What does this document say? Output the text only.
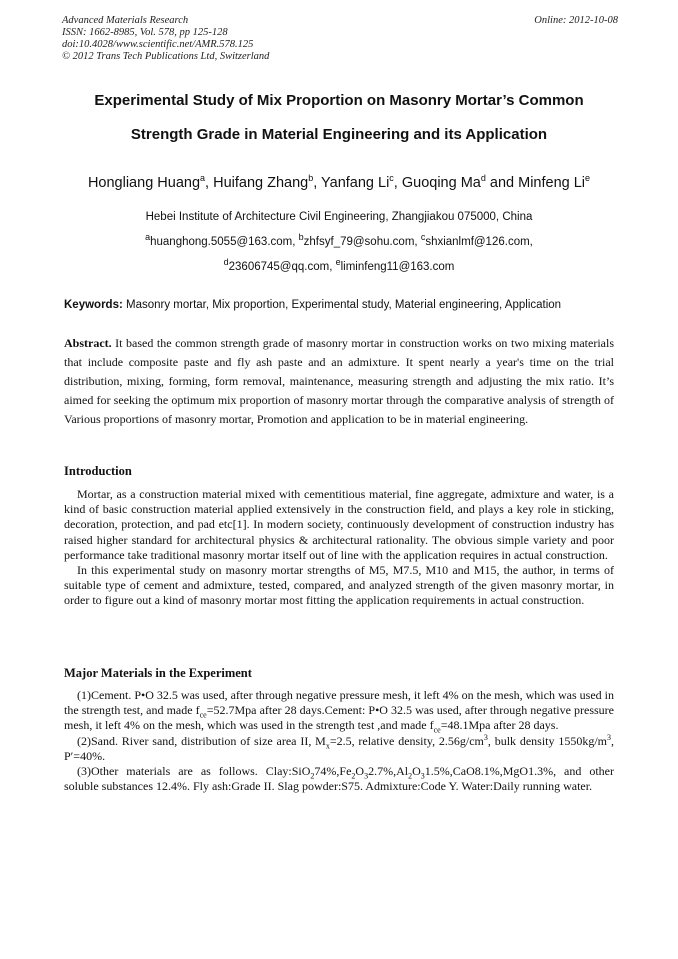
Advanced Materials Research
ISSN: 1662-8985, Vol. 578, pp 125-128
doi:10.4028/www.scientific.net/AMR.578.125
© 2012 Trans Tech Publications Ltd, Switzerland
Online: 2012-10-08
Experimental Study of Mix Proportion on Masonry Mortar’s Common
Strength Grade in Material Engineering and its Application
Hongliang Huang$^a$, Huifang Zhang$^b$, Yanfang Li$^c$, Guoqing Ma$^d$ and Minfeng Li$^e$
Hebei Institute of Architecture Civil Engineering, Zhangjiakou 075000, China
$^a$huanghong.5055@163.com, $^b$zhfsyf_79@sohu.com, $^c$shxianlmf@126.com,
$^d$23606745@qq.com, $^e$liminfeng11@163.com
Keywords: Masonry mortar, Mix proportion, Experimental study, Material engineering, Application
Abstract. It based the common strength grade of masonry mortar in construction works on two mixing materials that include composite paste and fly ash paste and an admixture. It spent nearly a year's time on the trial distribution, mixing, forming, form removal, maintenance, measuring strength and adjusting the mix ratio. It’s aimed for seeking the optimum mix proportion of masonry mortar through the comparative analysis of strength of Various proportions of masonry mortar, Promotion and application to be in material engineering.
Introduction

Mortar, as a construction material mixed with cementitious material, fine aggregate, admixture and water, is a kind of basic construction material applied extensively in the construction field, and plays a key role in sticking, decoration, protection, and pad etc[1]. In modern society, continuously development of construction industry has raised higher standard for architectural physics & architectural rationality. The obvious simple variety and poor performance take traditional masonry mortar itself out of line with the application requires in actual construction.

In this experimental study on masonry mortar strengths of M5, M7.5, M10 and M15, the author, in terms of suitable type of cement and admixture, tested, compared, and analyzed strength of the given masonry mortar, in order to figure out a kind of masonry mortar most fitting the application requirements in actual construction.

Major Materials in the Experiment

(1)Cement. P•O 32.5 was used, after through negative pressure mesh, it left 4% on the mesh, which was used in the strength test, and made $f_{ce}=52.7Mpa$ after 28 days.Cement: P•O 32.5 was used, after through negative pressure mesh, it left 4% on the mesh, which was used in the strength test ,and made $f_{ce}=48.1Mpa$ after 28 days.

(2)Sand. River sand, distribution of size area II, $M_x=2.5$, relative density, $2.56g/cm^3$, bulk density $1550kg/m^3$, P′=40%.

(3)Other materials are as follows. $Clay:SiO_274\%,Fe_2O_32.7\%,Al_2O_31.5\%,CaO8.1\%,MgO1.3\%$, and other soluble substances 12.4%. Fly ash:Grade II. Slag powder:S75. Admixture:Code Y. Water:Daily running water.
